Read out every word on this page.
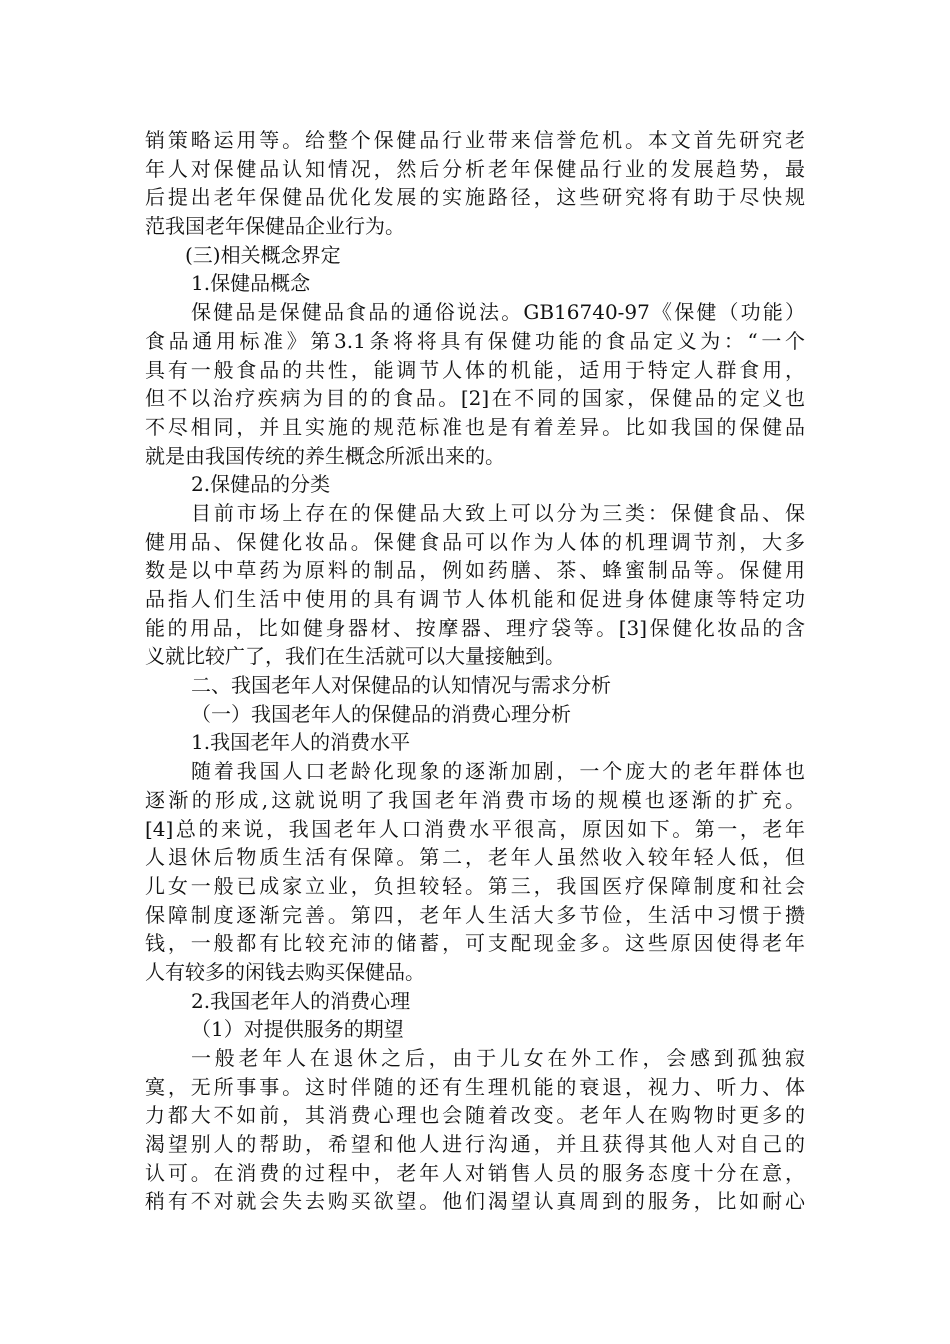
销策略运用等。给整个保健品行业带来信誉危机。本文首先研究老
年人对保健品认知情况，然后分析老年保健品行业的发展趋势，最
后提出老年保健品优化发展的实施路径，这些研究将有助于尽快规
范我国老年保健品企业行为。
(三)相关概念界定
1.保健品概念
保健品是保健品食品的通俗说法。GB16740-97《保健（功能）
食品通用标准》第3.1条将将具有保健功能的食品定义为：“一个
具有一般食品的共性，能调节人体的机能，适用于特定人群食用，
但不以治疗疾病为目的的食品。[2]在不同的国家，保健品的定义也
不尽相同，并且实施的规范标准也是有着差异。比如我国的保健品
就是由我国传统的养生概念所派出来的。
2.保健品的分类
目前市场上存在的保健品大致上可以分为三类：保健食品、保
健用品、保健化妆品。保健食品可以作为人体的机理调节剂，大多
数是以中草药为原料的制品，例如药膳、茶、蜂蜜制品等。保健用
品指人们生活中使用的具有调节人体机能和促进身体健康等特定功
能的用品，比如健身器材、按摩器、理疗袋等。[3]保健化妆品的含
义就比较广了，我们在生活就可以大量接触到。
二、我国老年人对保健品的认知情况与需求分析
（一）我国老年人的保健品的消费心理分析
1.我国老年人的消费水平
随着我国人口老龄化现象的逐渐加剧，一个庞大的老年群体也
逐渐的形成,这就说明了我国老年消费市场的规模也逐渐的扩充。
[4]总的来说，我国老年人口消费水平很高，原因如下。第一，老年
人退休后物质生活有保障。第二，老年人虽然收入较年轻人低，但
儿女一般已成家立业，负担较轻。第三，我国医疗保障制度和社会
保障制度逐渐完善。第四，老年人生活大多节俭，生活中习惯于攒
钱，一般都有比较充沛的储蓄，可支配现金多。这些原因使得老年
人有较多的闲钱去购买保健品。
2.我国老年人的消费心理
（1）对提供服务的期望
一般老年人在退休之后，由于儿女在外工作，会感到孤独寂
寞，无所事事。这时伴随的还有生理机能的衰退，视力、听力、体
力都大不如前，其消费心理也会随着改变。老年人在购物时更多的
渴望别人的帮助，希望和他人进行沟通，并且获得其他人对自己的
认可。在消费的过程中，老年人对销售人员的服务态度十分在意，
稍有不对就会失去购买欲望。他们渴望认真周到的服务，比如耐心
